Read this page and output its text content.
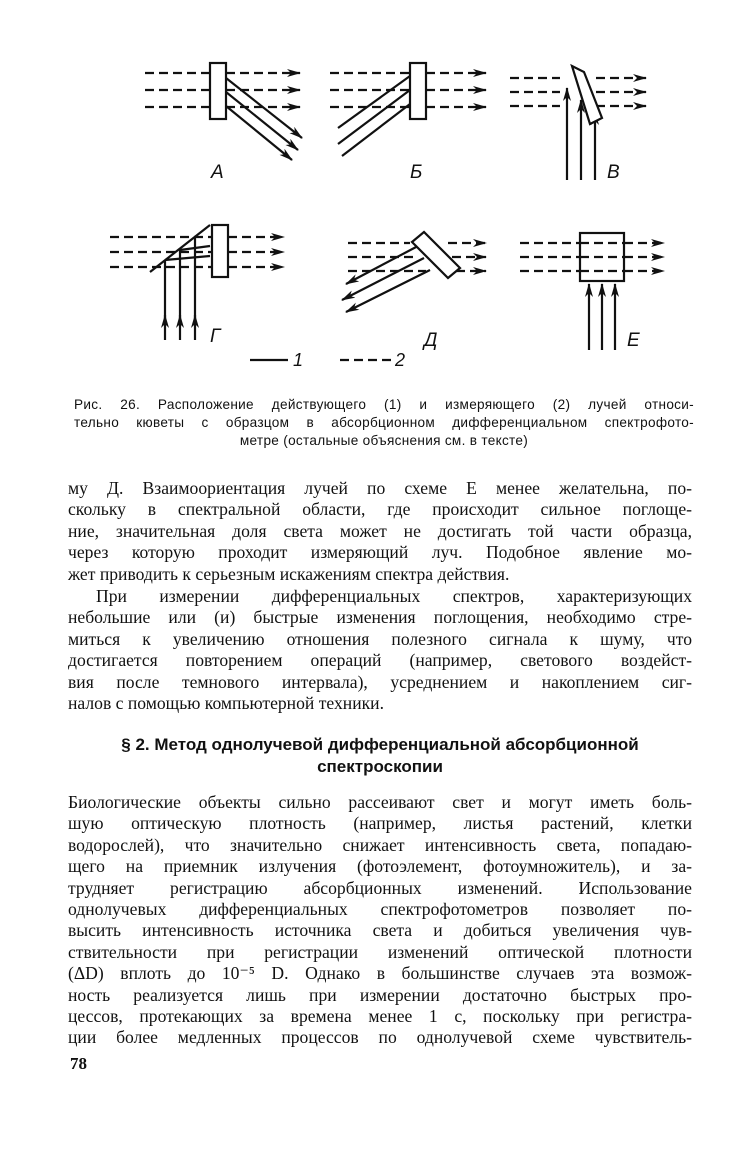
А	Б	В
Г	Д	Е
1	2
Рис. 26. Расположение действующего (1) и измеряющего (2) лучей относи-
тельно кюветы с образцом в абсорбционном дифференциальном спектрофото-
метре (остальные объяснения см. в тексте)
му Д. Взаимоориентация лучей по схеме Е менее желательна, по-
скольку в спектральной области, где происходит сильное поглоще-
ние, значительная доля света может не достигать той части образца,
через которую проходит измеряющий луч. Подобное явление мо-
жет приводить к серьезным искажениям спектра действия.
При измерении дифференциальных спектров, характеризующих
небольшие или (и) быстрые изменения поглощения, необходимо стре-
миться к увеличению отношения полезного сигнала к шуму, что
достигается повторением операций (например, светового воздейст-
вия после темнового интервала), усреднением и накоплением сиг-
налов с помощью компьютерной техники.
§ 2. Метод однолучевой дифференциальной абсорбционной
спектроскопии
Биологические объекты сильно рассеивают свет и могут иметь боль-
шую оптическую плотность (например, листья растений, клетки
водорослей), что значительно снижает интенсивность света, попадаю-
щего на приемник излучения (фотоэлемент, фотоумножитель), и за-
трудняет регистрацию абсорбционных изменений. Использование
однолучевых дифференциальных спектрофотометров позволяет по-
высить интенсивность источника света и добиться увеличения чув-
ствительности при регистрации изменений оптической плотности
(ΔD) вплоть до 10⁻⁵ D. Однако в большинстве случаев эта возмож-
ность реализуется лишь при измерении достаточно быстрых про-
цессов, протекающих за времена менее 1 с, поскольку при регистра-
ции более медленных процессов по однолучевой схеме чувствитель-
78
